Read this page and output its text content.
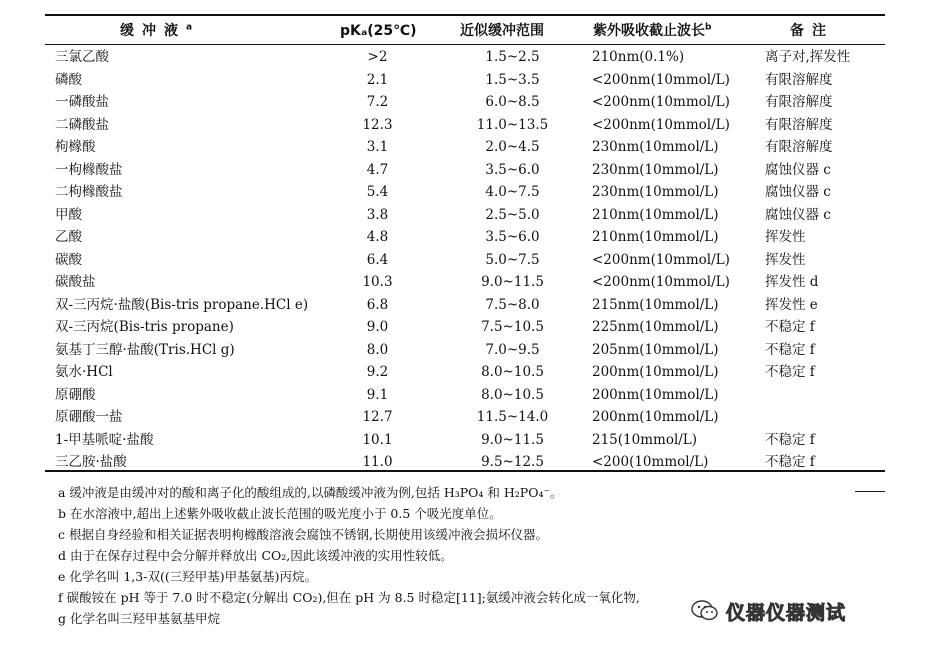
缓冲液$^a$	pKₐ(25℃)	近似缓冲范围	紫外吸收截止波长$^b$	备注
三氯乙酸	>2	1.5~2.5	210nm(0.1%)	离子对,挥发性
磷酸	2.1	1.5~3.5	<200nm(10mmol/L)	有限溶解度
一磷酸盐	7.2	6.0~8.5	<200nm(10mmol/L)	有限溶解度
二磷酸盐	12.3	11.0~13.5	<200nm(10mmol/L)	有限溶解度
枸橼酸	3.1	2.0~4.5	230nm(10mmol/L)	有限溶解度
一枸橼酸盐	4.7	3.5~6.0	230nm(10mmol/L)	腐蚀仪器 c
二枸橼酸盐	5.4	4.0~7.5	230nm(10mmol/L)	腐蚀仪器 c
甲酸	3.8	2.5~5.0	210nm(10mmol/L)	腐蚀仪器 c
乙酸	4.8	3.5~6.0	210nm(10mmol/L)	挥发性
碳酸	6.4	5.0~7.5	<200nm(10mmol/L)	挥发性
碳酸盐	10.3	9.0~11.5	<200nm(10mmol/L)	挥发性 d
双-三丙烷·盐酸(Bis-tris propane.HCl e)	6.8	7.5~8.0	215nm(10mmol/L)	挥发性 e
双-三丙烷(Bis-tris propane)	9.0	7.5~10.5	225nm(10mmol/L)	不稳定 f
氨基丁三醇·盐酸(Tris.HCl g)	8.0	7.0~9.5	205nm(10mmol/L)	不稳定 f
氨水·HCl	9.2	8.0~10.5	200nm(10mmol/L)	不稳定 f
原硼酸	9.1	8.0~10.5	200nm(10mmol/L)
原硼酸一盐	12.7	11.5~14.0	200nm(10mmol/L)
1-甲基哌啶·盐酸	10.1	9.0~11.5	215(10mmol/L)	不稳定 f
三乙胺·盐酸	11.0	9.5~12.5	<200(10mmol/L)	不稳定 f
a 缓冲液是由缓冲对的酸和离子化的酸组成的,以磷酸缓冲液为例,包括 H₃PO₄ 和 H₂PO₄⁻。
b 在水溶液中,超出上述紫外吸收截止波长范围的吸光度小于 0.5 个吸光度单位。
c 根据自身经验和相关证据表明枸橼酸溶液会腐蚀不锈钢,长期使用该缓冲液会损坏仪器。
d 由于在保存过程中会分解并释放出 CO₂,因此该缓冲液的实用性较低。
e 化学名叫 1,3-双((三羟甲基)甲基氨基)丙烷。
f 碳酸铵在 pH 等于 7.0 时不稳定(分解出 CO₂),但在 pH 为 8.5 时稳定[11];氨缓冲液会转化成一氧化物,
g 化学名叫三羟甲基氨基甲烷	仪器仪器测试
